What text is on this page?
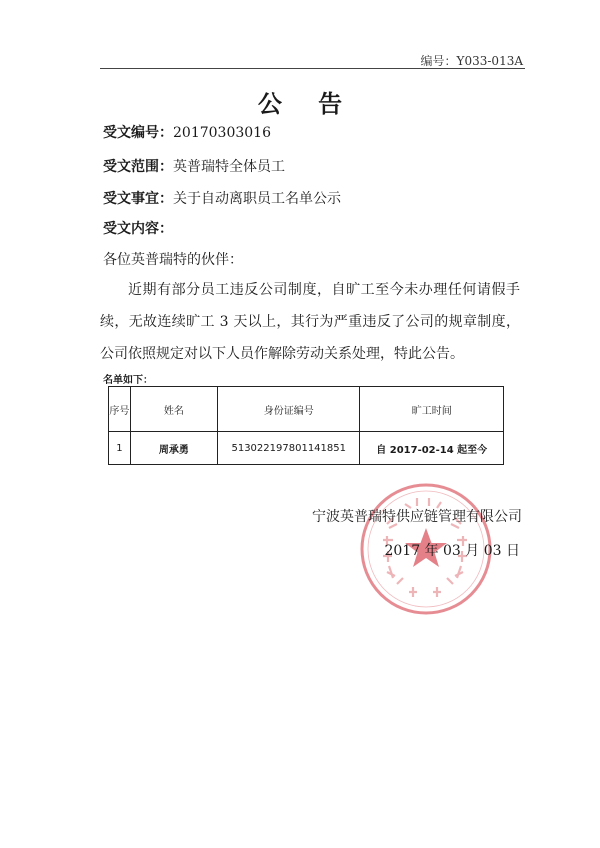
编号：Y033-013A
公 告
受文编号：20170303016
受文范围：英普瑞特全体员工
受文事宜：关于自动离职员工名单公示
受文内容：
各位英普瑞特的伙伴：
近期有部分员工违反公司制度，自旷工至今未办理任何请假手续，无故连续旷工 3 天以上，其行为严重违反了公司的规章制度，公司依照规定对以下人员作解除劳动关系处理，特此公告。
名单如下：
序号	姓名	身份证编号	旷工时间
1	周承勇	513022197801141851	自 2017-02-14 起至今
宁波英普瑞特供应链管理有限公司
2017 年 03 月 03 日
